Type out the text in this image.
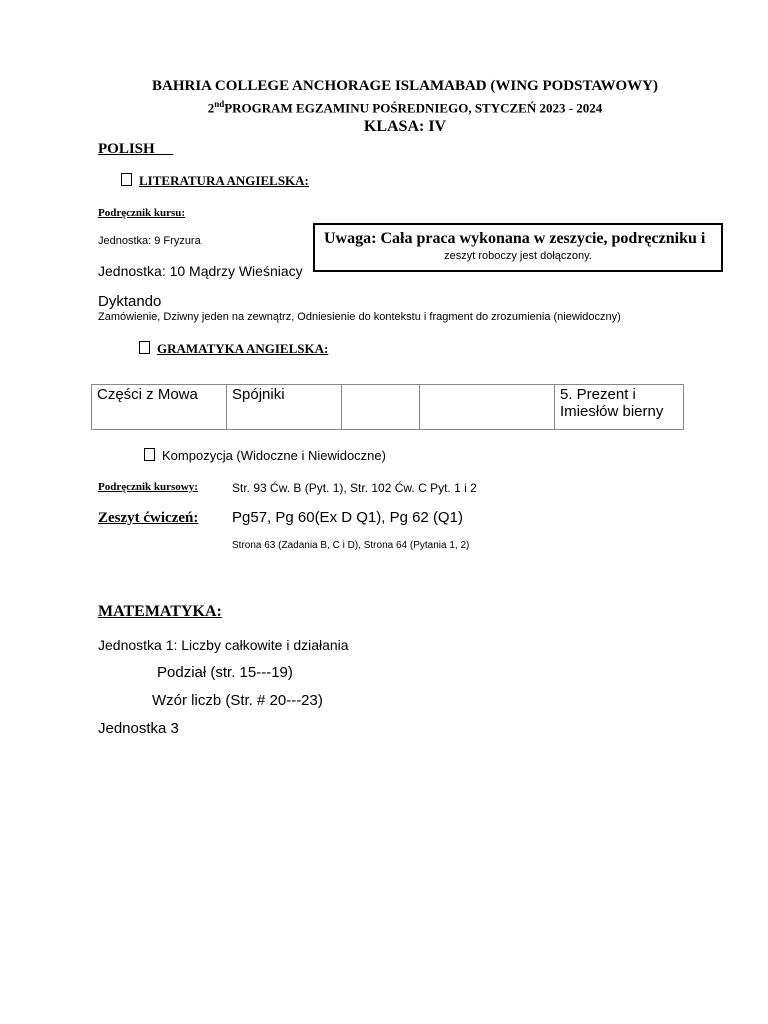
BAHRIA COLLEGE ANCHORAGE ISLAMABAD (WING PODSTAWOWY)
2ndPROGRAM EGZAMINU POŚREDNIEGO, STYCZEŃ 2023 - 2024
KLASA: IV
POLISH
LITERATURA ANGIELSKA:
Podręcznik kursu:
Jednostka: 9 Fryzura
Jednostka: 10 Mądrzy Wieśniacy
Dyktando
Zamówienie, Dziwny jeden na zewnątrz, Odniesienie do kontekstu i fragment do zrozumienia (niewidoczny)
Uwaga: Cała praca wykonana w zeszycie, podręczniku i
zeszyt roboczy jest dołączony.
GRAMATYKA ANGIELSKA:
Części z Mowa	Spójniki			5. Prezent i Imiesłów bierny
Kompozycja (Widoczne i Niewidoczne)
Podręcznik kursowy:	Str. 93 Ćw. B (Pyt. 1), Str. 102 Ćw. C Pyt. 1 i 2
Zeszyt ćwiczeń: Pg57, Pg 60(Ex D Q1), Pg 62 (Q1)
Strona 63 (Zadania B, C i D), Strona 64 (Pytania 1, 2)
MATEMATYKA:
Jednostka 1: Liczby całkowite i działania
Podział (str. 15---19)
Wzór liczb (Str. # 20---23)
Jednostka 3
